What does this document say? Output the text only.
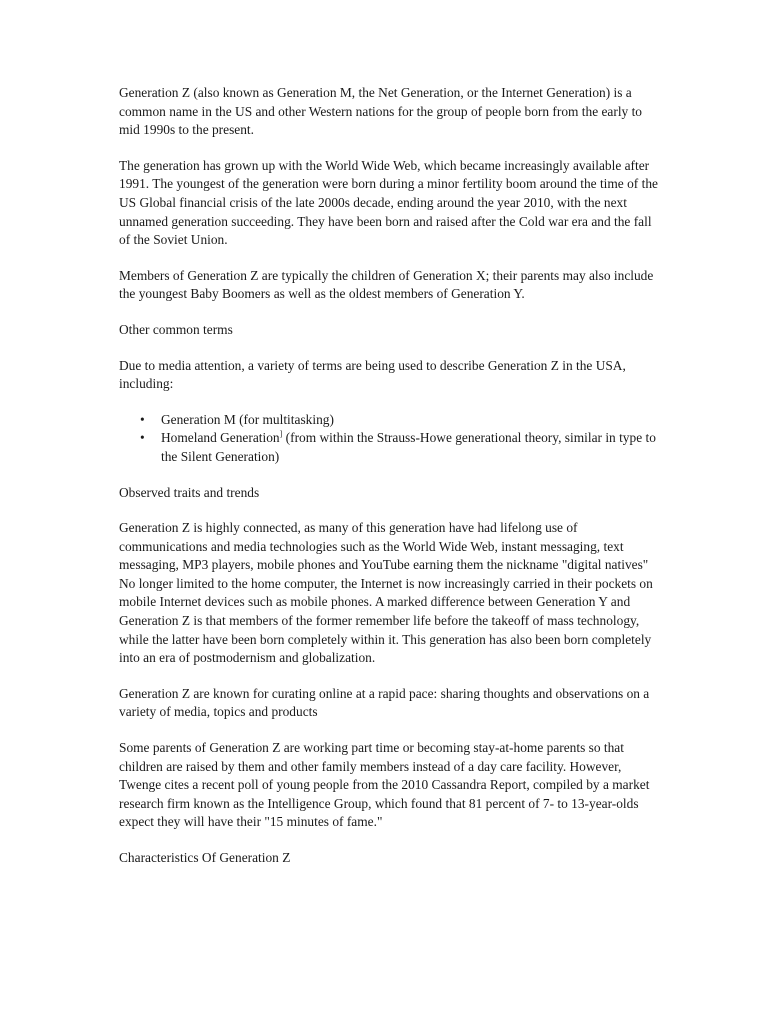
Generation Z (also known as Generation M, the Net Generation, or the Internet Generation) is a common name in the US and other Western nations for the group of people born from the early to mid 1990s to the present.

The generation has grown up with the World Wide Web, which became increasingly available after 1991. The youngest of the generation were born during a minor fertility boom around the time of the US Global financial crisis of the late 2000s decade, ending around the year 2010, with the next unnamed generation succeeding. They have been born and raised after the Cold war era and the fall of the Soviet Union.

Members of Generation Z are typically the children of Generation X; their parents may also include the youngest Baby Boomers as well as the oldest members of Generation Y.

Other common terms

Due to media attention, a variety of terms are being used to describe Generation Z in the USA, including:

• Generation M (for multitasking)
• Homeland Generation] (from within the Strauss-Howe generational theory, similar in type to the Silent Generation)

Observed traits and trends

Generation Z is highly connected, as many of this generation have had lifelong use of communications and media technologies such as the World Wide Web, instant messaging, text messaging, MP3 players, mobile phones and YouTube earning them the nickname "digital natives" No longer limited to the home computer, the Internet is now increasingly carried in their pockets on mobile Internet devices such as mobile phones. A marked difference between Generation Y and Generation Z is that members of the former remember life before the takeoff of mass technology, while the latter have been born completely within it. This generation has also been born completely into an era of postmodernism and globalization.

Generation Z are known for curating online at a rapid pace: sharing thoughts and observations on a variety of media, topics and products

Some parents of Generation Z are working part time or becoming stay-at-home parents so that children are raised by them and other family members instead of a day care facility. However, Twenge cites a recent poll of young people from the 2010 Cassandra Report, compiled by a market research firm known as the Intelligence Group, which found that 81 percent of 7- to 13-year-olds expect they will have their "15 minutes of fame."

Characteristics Of Generation Z
